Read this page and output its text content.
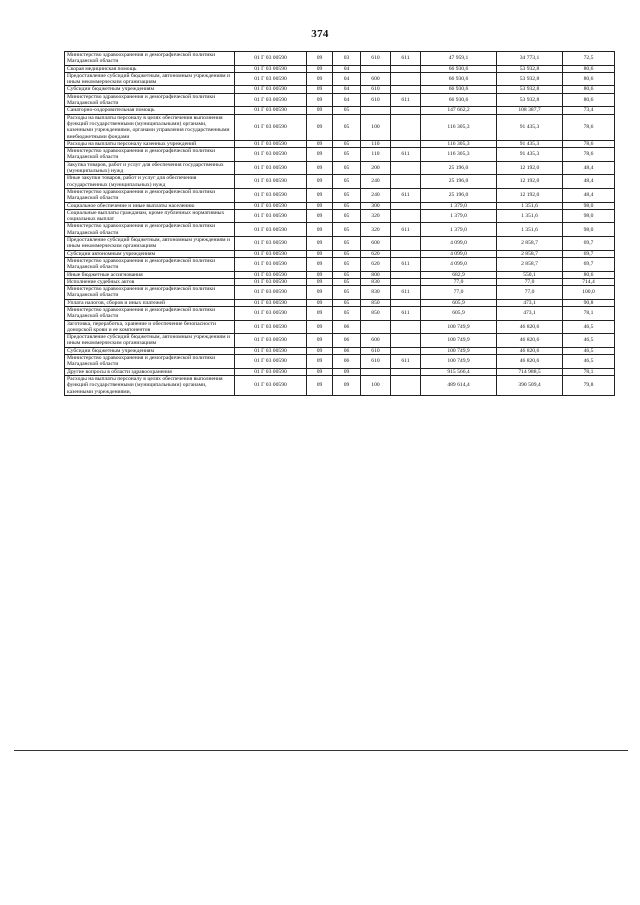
374
Министерство здравоохранения и демографической политики Магаданской области	01 Г 03 00590	09	03	610	611	47 959,1	34 773,1	72,5
Скорая медицинская помощь	01 Г 03 00590	09	04			66 930,6	53 932,8	80,6
Предоставление субсидий бюджетным, автономным учреждениям и иным некоммерческим организациям	01 Г 03 00590	09	04	600		66 930,6	53 932,8	80,6
Субсидии бюджетным учреждениям	01 Г 03 00590	09	04	610		66 930,6	53 932,8	80,6
Министерство здравоохранения и демографической политики Магаданской области	01 Г 03 00590	09	04	610	611	66 930,6	53 932,8	80,6
Санаторно-оздоровительная помощь	01 Г 03 00590	09	05			147 662,2	108 387,7	73,4
Расходы на выплаты персоналу в целях обеспечения выполнения функций государственными (муниципальными) органами, казенными учреждениями, органами управления государственными внебюджетными фондами	01 Г 03 00590	09	05	100		116 305,3	91 435,3	78,6
Расходы на выплаты персоналу казенных учреждений	01 Г 03 00590	09	05	110		116 305,3	91 435,3	78,6
Министерство здравоохранения и демографической политики Магаданской области	01 Г 03 00590	09	05	110	611	116 305,3	91 435,3	78,6
Закупка товаров, работ и услуг для обеспечения государственных (муниципальных) нужд	01 Г 03 00590	09	05	200		25 196,0	12 192,0	48,4
Иные закупки товаров, работ и услуг для обеспечения государственных (муниципальных) нужд	01 Г 03 00590	09	05	240		25 196,0	12 192,0	48,4
Министерство здравоохранения и демографической политики Магаданской области	01 Г 03 00590	09	05	240	611	25 196,0	12 192,0	48,4
Социальное обеспечение и иные выплаты населению	01 Г 03 00590	09	05	300		1 379,0	1 351,6	98,0
Социальные выплаты гражданам, кроме публичных нормативных социальных выплат	01 Г 03 00590	09	05	320		1 379,0	1 351,6	98,0
Министерство здравоохранения и демографической политики Магаданской области	01 Г 03 00590	09	05	320	611	1 379,0	1 351,6	98,0
Предоставление субсидий бюджетным, автономным учреждениям и иным некоммерческим организациям	01 Г 03 00590	09	05	600		4 099,0	2 858,7	69,7
Субсидии автономным учреждениям	01 Г 03 00590	09	05	620		4 099,0	2 858,7	69,7
Министерство здравоохранения и демографической политики Магаданской области	01 Г 03 00590	09	05	620	611	4 099,0	2 858,7	69,7
Иные бюджетные ассигнования	01 Г 03 00590	09	05	800		682,9	550,1	80,6
Исполнение судебных актов	01 Г 03 00590	09	05	830		77,0	77,0	714,4
Министерство здравоохранения и демографической политики Магаданской области	01 Г 03 00590	09	05	830	611	77,0	77,0	100,0
Уплата налогов, сборов и иных платежей	01 Г 03 00590	09	05	850		605,9	473,1	90,8
Министерство здравоохранения и демографической политики Магаданской области	01 Г 03 00590	09	05	850	611	605,9	473,1	78,1
Заготовка, переработка, хранение и обеспечение безопасности донорской крови и ее компонентов	01 Г 03 00590	09	06			100 749,9	46 820,6	46,5
Предоставление субсидий бюджетным, автономным учреждениям и иным некоммерческим организациям	01 Г 03 00590	09	06	600		100 749,9	46 820,6	46,5
Субсидии бюджетным учреждениям	01 Г 03 00590	09	06	610		100 749,9	46 820,6	46,5
Министерство здравоохранения и демографической политики Магаданской области	01 Г 03 00590	09	06	610	611	100 749,9	46 820,6	46,5
Другие вопросы в области здравоохранения	01 Г 03 00590	09	09			915 566,4	714 988,5	78,1
Расходы на выплаты персоналу в целях обеспечения выполнения функций государственными (муниципальными) органами, казенными учреждениями,	01 Г 03 00590	09	09	100		489 614,4	390 509,4	79,8
